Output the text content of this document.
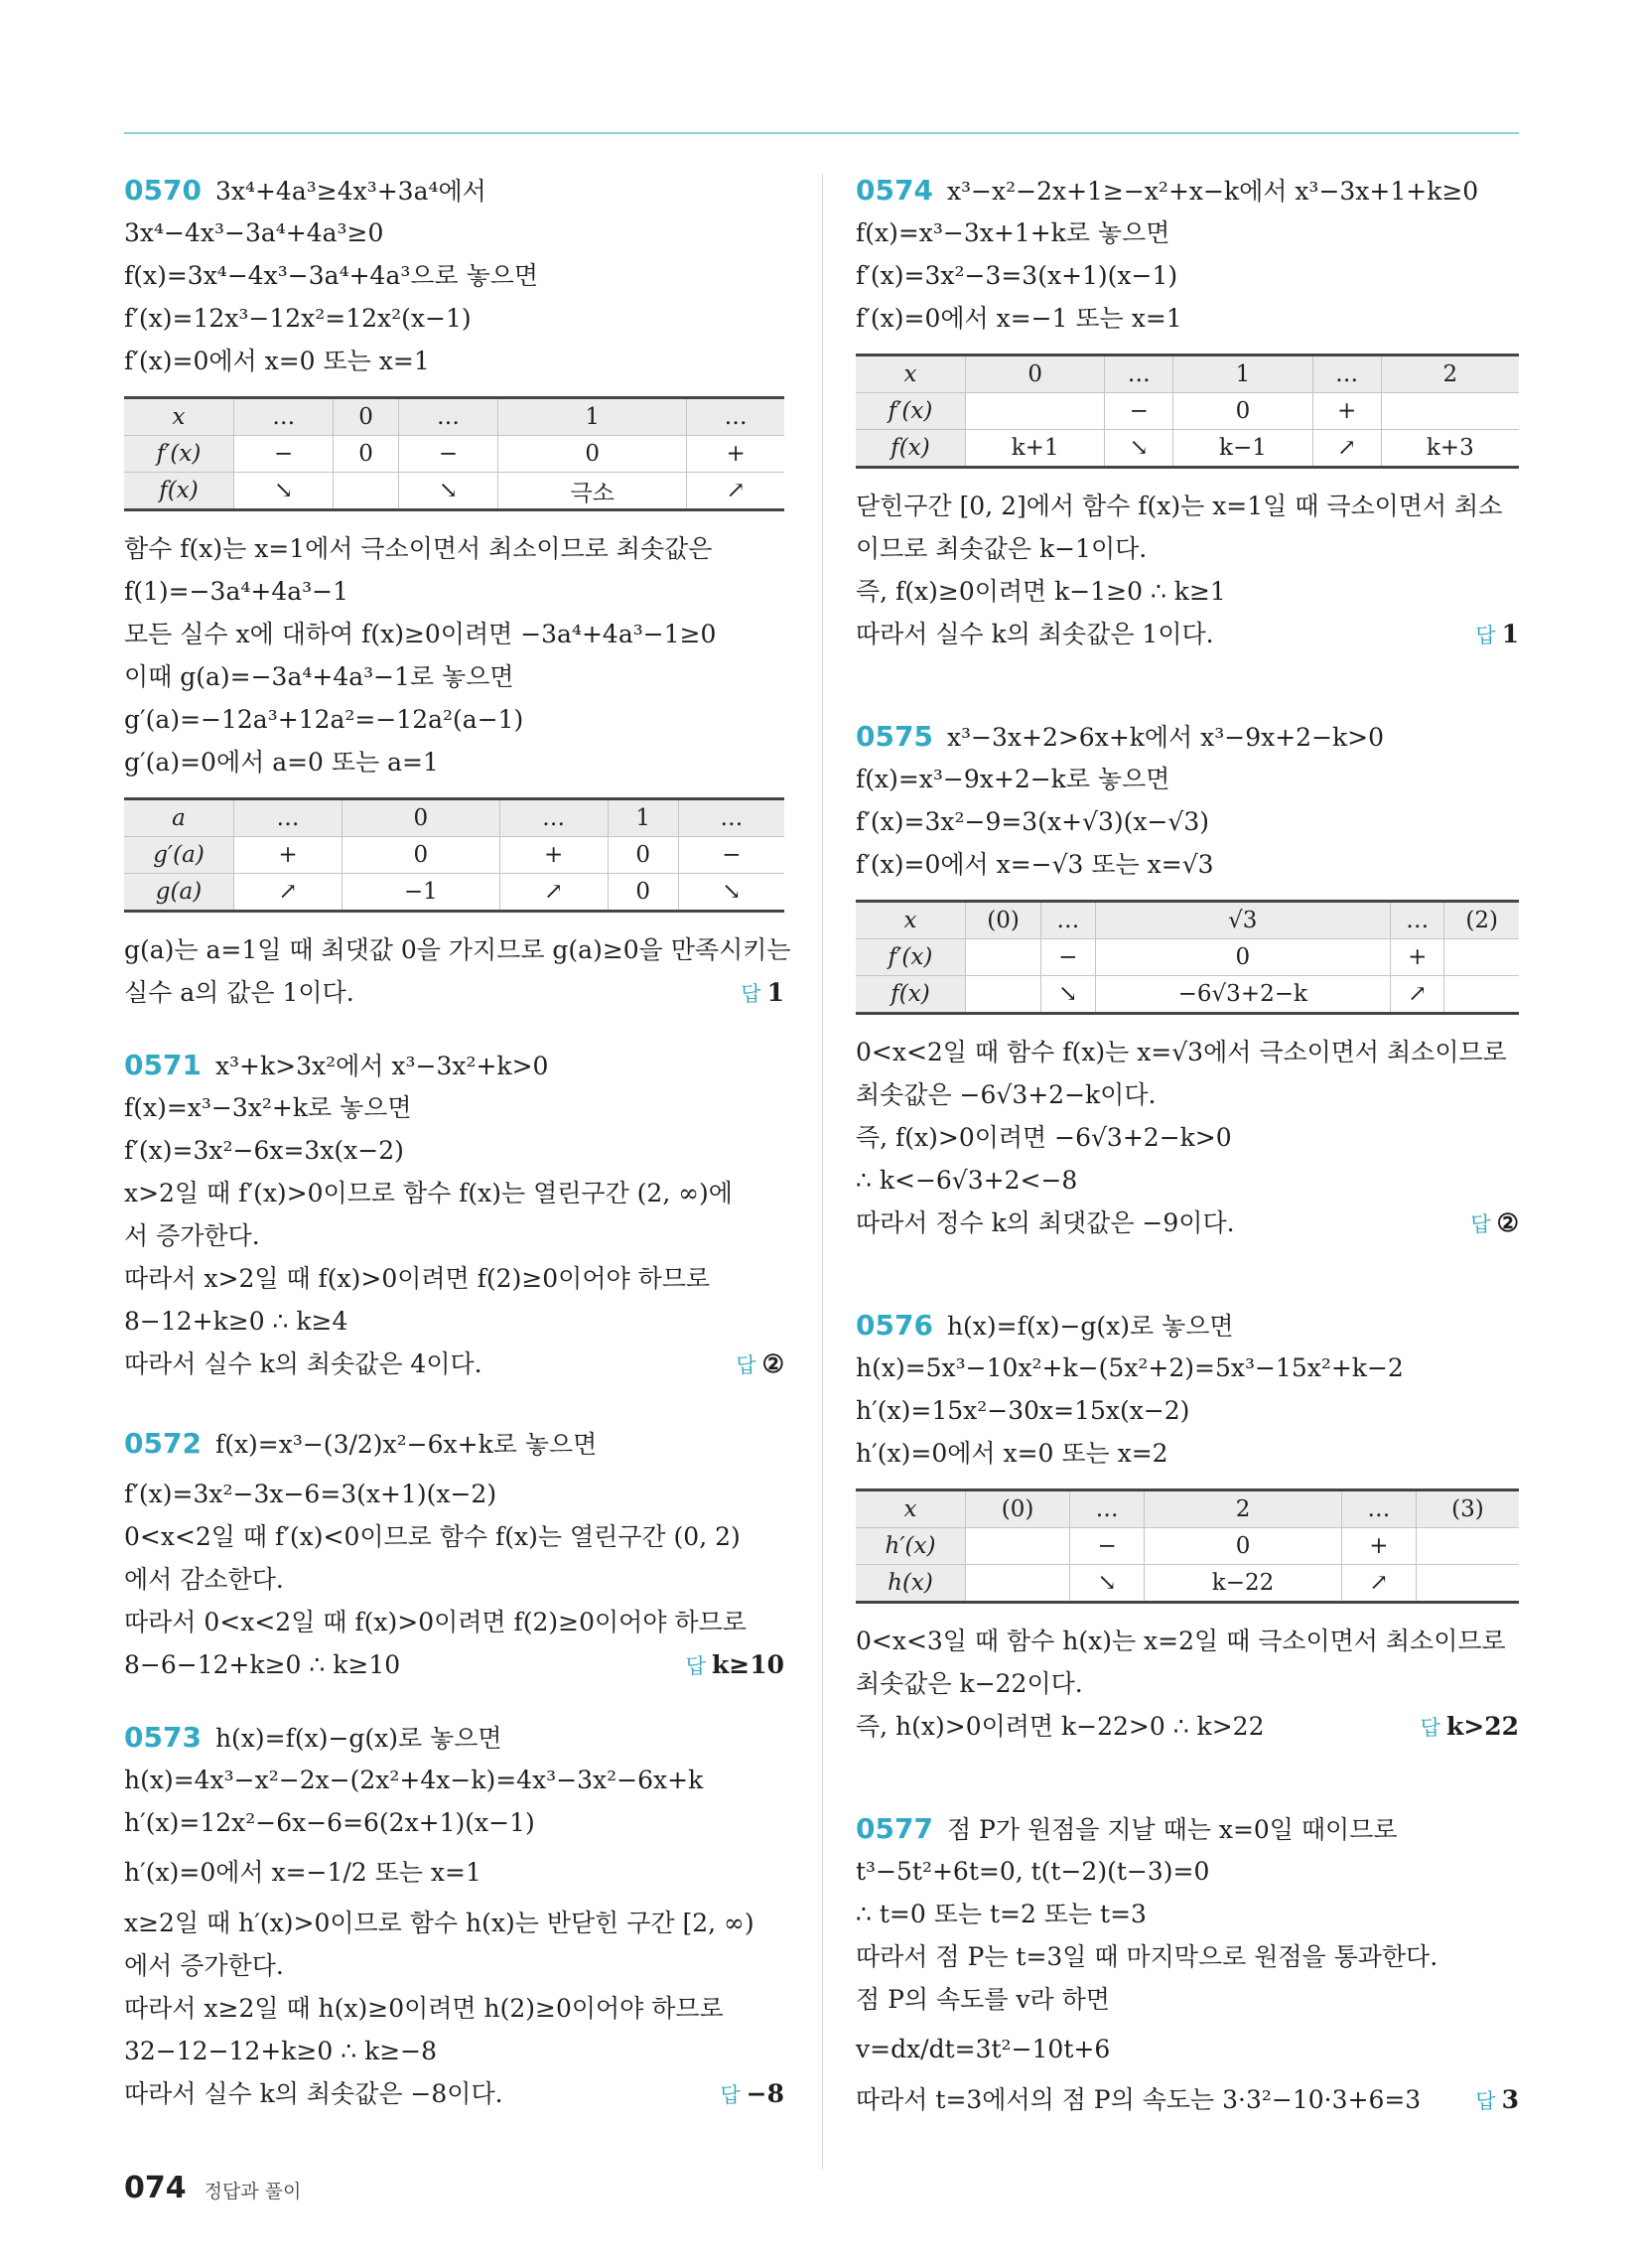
0570 3x⁴+4a³≥4x³+3a⁴에서
3x⁴−4x³−3a⁴+4a³≥0
f(x)=3x⁴−4x³−3a⁴+4a³으로 놓으면
f′(x)=12x³−12x²=12x²(x−1)
f′(x)=0에서 x=0 또는 x=1
x	…	0	…	1	…
f′(x)	−	0	−	0	+
f(x)	↘		↘	극소	↗
함수 f(x)는 x=1에서 극소이면서 최소이므로 최솟값은
f(1)=−3a⁴+4a³−1
모든 실수 x에 대하여 f(x)≥0이려면 −3a⁴+4a³−1≥0
이때 g(a)=−3a⁴+4a³−1로 놓으면
g′(a)=−12a³+12a²=−12a²(a−1)
g′(a)=0에서 a=0 또는 a=1
a	…	0	…	1	…
g′(a)	+	0	+	0	−
g(a)	↗	−1	↗	0	↘
g(a)는 a=1일 때 최댓값 0을 가지므로 g(a)≥0을 만족시키는
실수 a의 값은 1이다.	답 1
0571 x³+k>3x²에서 x³−3x²+k>0
f(x)=x³−3x²+k로 놓으면
f′(x)=3x²−6x=3x(x−2)
x>2일 때 f′(x)>0이므로 함수 f(x)는 열린구간 (2, ∞)에
서 증가한다.
따라서 x>2일 때 f(x)>0이려면 f(2)≥0이어야 하므로
8−12+k≥0 ∴ k≥4
따라서 실수 k의 최솟값은 4이다.	답 ②
0572 f(x)=x³−(3/2)x²−6x+k로 놓으면
f′(x)=3x²−3x−6=3(x+1)(x−2)
0<x<2일 때 f′(x)<0이므로 함수 f(x)는 열린구간 (0, 2)
에서 감소한다.
따라서 0<x<2일 때 f(x)>0이려면 f(2)≥0이어야 하므로
8−6−12+k≥0 ∴ k≥10	답 k≥10
0573 h(x)=f(x)−g(x)로 놓으면
h(x)=4x³−x²−2x−(2x²+4x−k)=4x³−3x²−6x+k
h′(x)=12x²−6x−6=6(2x+1)(x−1)
h′(x)=0에서 x=−1/2 또는 x=1
x≥2일 때 h′(x)>0이므로 함수 h(x)는 반닫힌 구간 [2, ∞)
에서 증가한다.
따라서 x≥2일 때 h(x)≥0이려면 h(2)≥0이어야 하므로
32−12−12+k≥0 ∴ k≥−8
따라서 실수 k의 최솟값은 −8이다.	답 −8
0574 x³−x²−2x+1≥−x²+x−k에서 x³−3x+1+k≥0
f(x)=x³−3x+1+k로 놓으면
f′(x)=3x²−3=3(x+1)(x−1)
f′(x)=0에서 x=−1 또는 x=1
x	0	…	1	…	2
f′(x)		−	0	+	
f(x)	k+1	↘	k−1	↗	k+3
닫힌구간 [0, 2]에서 함수 f(x)는 x=1일 때 극소이면서 최소
이므로 최솟값은 k−1이다.
즉, f(x)≥0이려면 k−1≥0 ∴ k≥1
따라서 실수 k의 최솟값은 1이다.	답 1
0575 x³−3x+2>6x+k에서 x³−9x+2−k>0
f(x)=x³−9x+2−k로 놓으면
f′(x)=3x²−9=3(x+√3)(x−√3)
f′(x)=0에서 x=−√3 또는 x=√3
x	(0)	…	√3	…	(2)
f′(x)		−	0	+	
f(x)		↘	−6√3+2−k	↗	
0<x<2일 때 함수 f(x)는 x=√3에서 극소이면서 최소이므로
최솟값은 −6√3+2−k이다.
즉, f(x)>0이려면 −6√3+2−k>0
∴ k<−6√3+2<−8
따라서 정수 k의 최댓값은 −9이다.	답 ②
0576 h(x)=f(x)−g(x)로 놓으면
h(x)=5x³−10x²+k−(5x²+2)=5x³−15x²+k−2
h′(x)=15x²−30x=15x(x−2)
h′(x)=0에서 x=0 또는 x=2
x	(0)	…	2	…	(3)
h′(x)		−	0	+	
h(x)		↘	k−22	↗	
0<x<3일 때 함수 h(x)는 x=2일 때 극소이면서 최소이므로
최솟값은 k−22이다.
즉, h(x)>0이려면 k−22>0 ∴ k>22	답 k>22
0577 점 P가 원점을 지날 때는 x=0일 때이므로
t³−5t²+6t=0, t(t−2)(t−3)=0
∴ t=0 또는 t=2 또는 t=3
따라서 점 P는 t=3일 때 마지막으로 원점을 통과한다.
점 P의 속도를 v라 하면
v=dx/dt=3t²−10t+6
따라서 t=3에서의 점 P의 속도는 3·3²−10·3+6=3	답 3
074 정답과 풀이
